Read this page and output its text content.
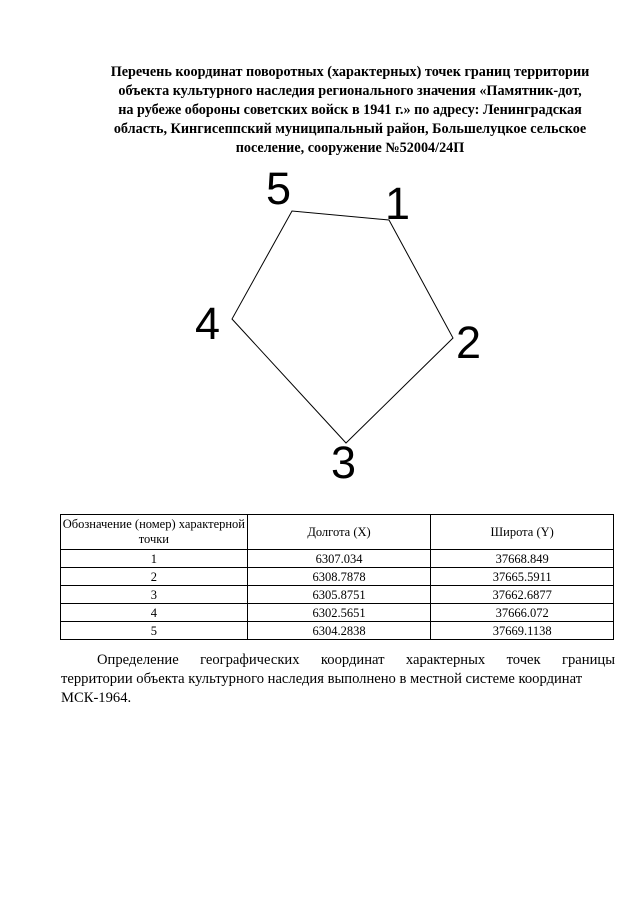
Перечень координат поворотных (характерных) точек границ территории
объекта культурного наследия регионального значения «Памятник-дот,
на рубеже обороны советских войск в 1941 г.» по адресу: Ленинградская
область, Кингисеппский муниципальный район, Большелуцкое сельское
поселение, сооружение №52004/24П
1
2
3
4
5
Обозначение (номер) характерной точки	Долгота (X)	Широта (Y)
1	6307.034	37668.849
2	6308.7878	37665.5911
3	6305.8751	37662.6877
4	6302.5651	37666.072
5	6304.2838	37669.1138
Определение географических координат характерных точек границы
территории объекта культурного наследия выполнено в местной системе координат
МСК-1964.
